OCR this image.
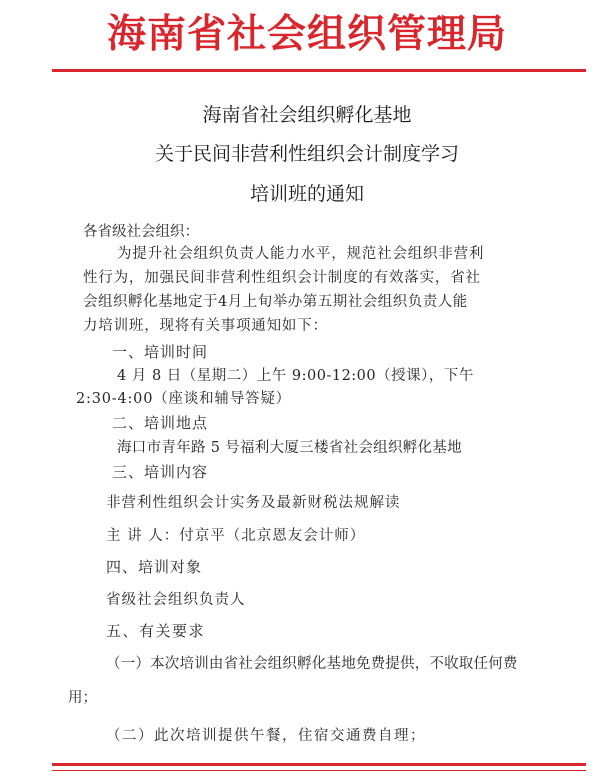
海南省社会组织管理局
海南省社会组织孵化基地
关于民间非营利性组织会计制度学习
培训班的通知
各省级社会组织：
为提升社会组织负责人能力水平，规范社会组织非营利
性行为，加强民间非营利性组织会计制度的有效落实，省社
会组织孵化基地定于4月上旬举办第五期社会组织负责人能
力培训班，现将有关事项通知如下：
一、培训时间
4 月 8 日（星期二）上午 9:00-12:00（授课），下午
2:30-4:00（座谈和辅导答疑）
二、培训地点
海口市青年路 5 号福利大厦三楼省社会组织孵化基地
三、培训内容
非营利性组织会计实务及最新财税法规解读
主 讲 人：付京平（北京恩友会计师）
四、培训对象
省级社会组织负责人
五、有关要求
（一）本次培训由省社会组织孵化基地免费提供，不收取任何费
用；
（二）此次培训提供午餐，住宿交通费自理；
